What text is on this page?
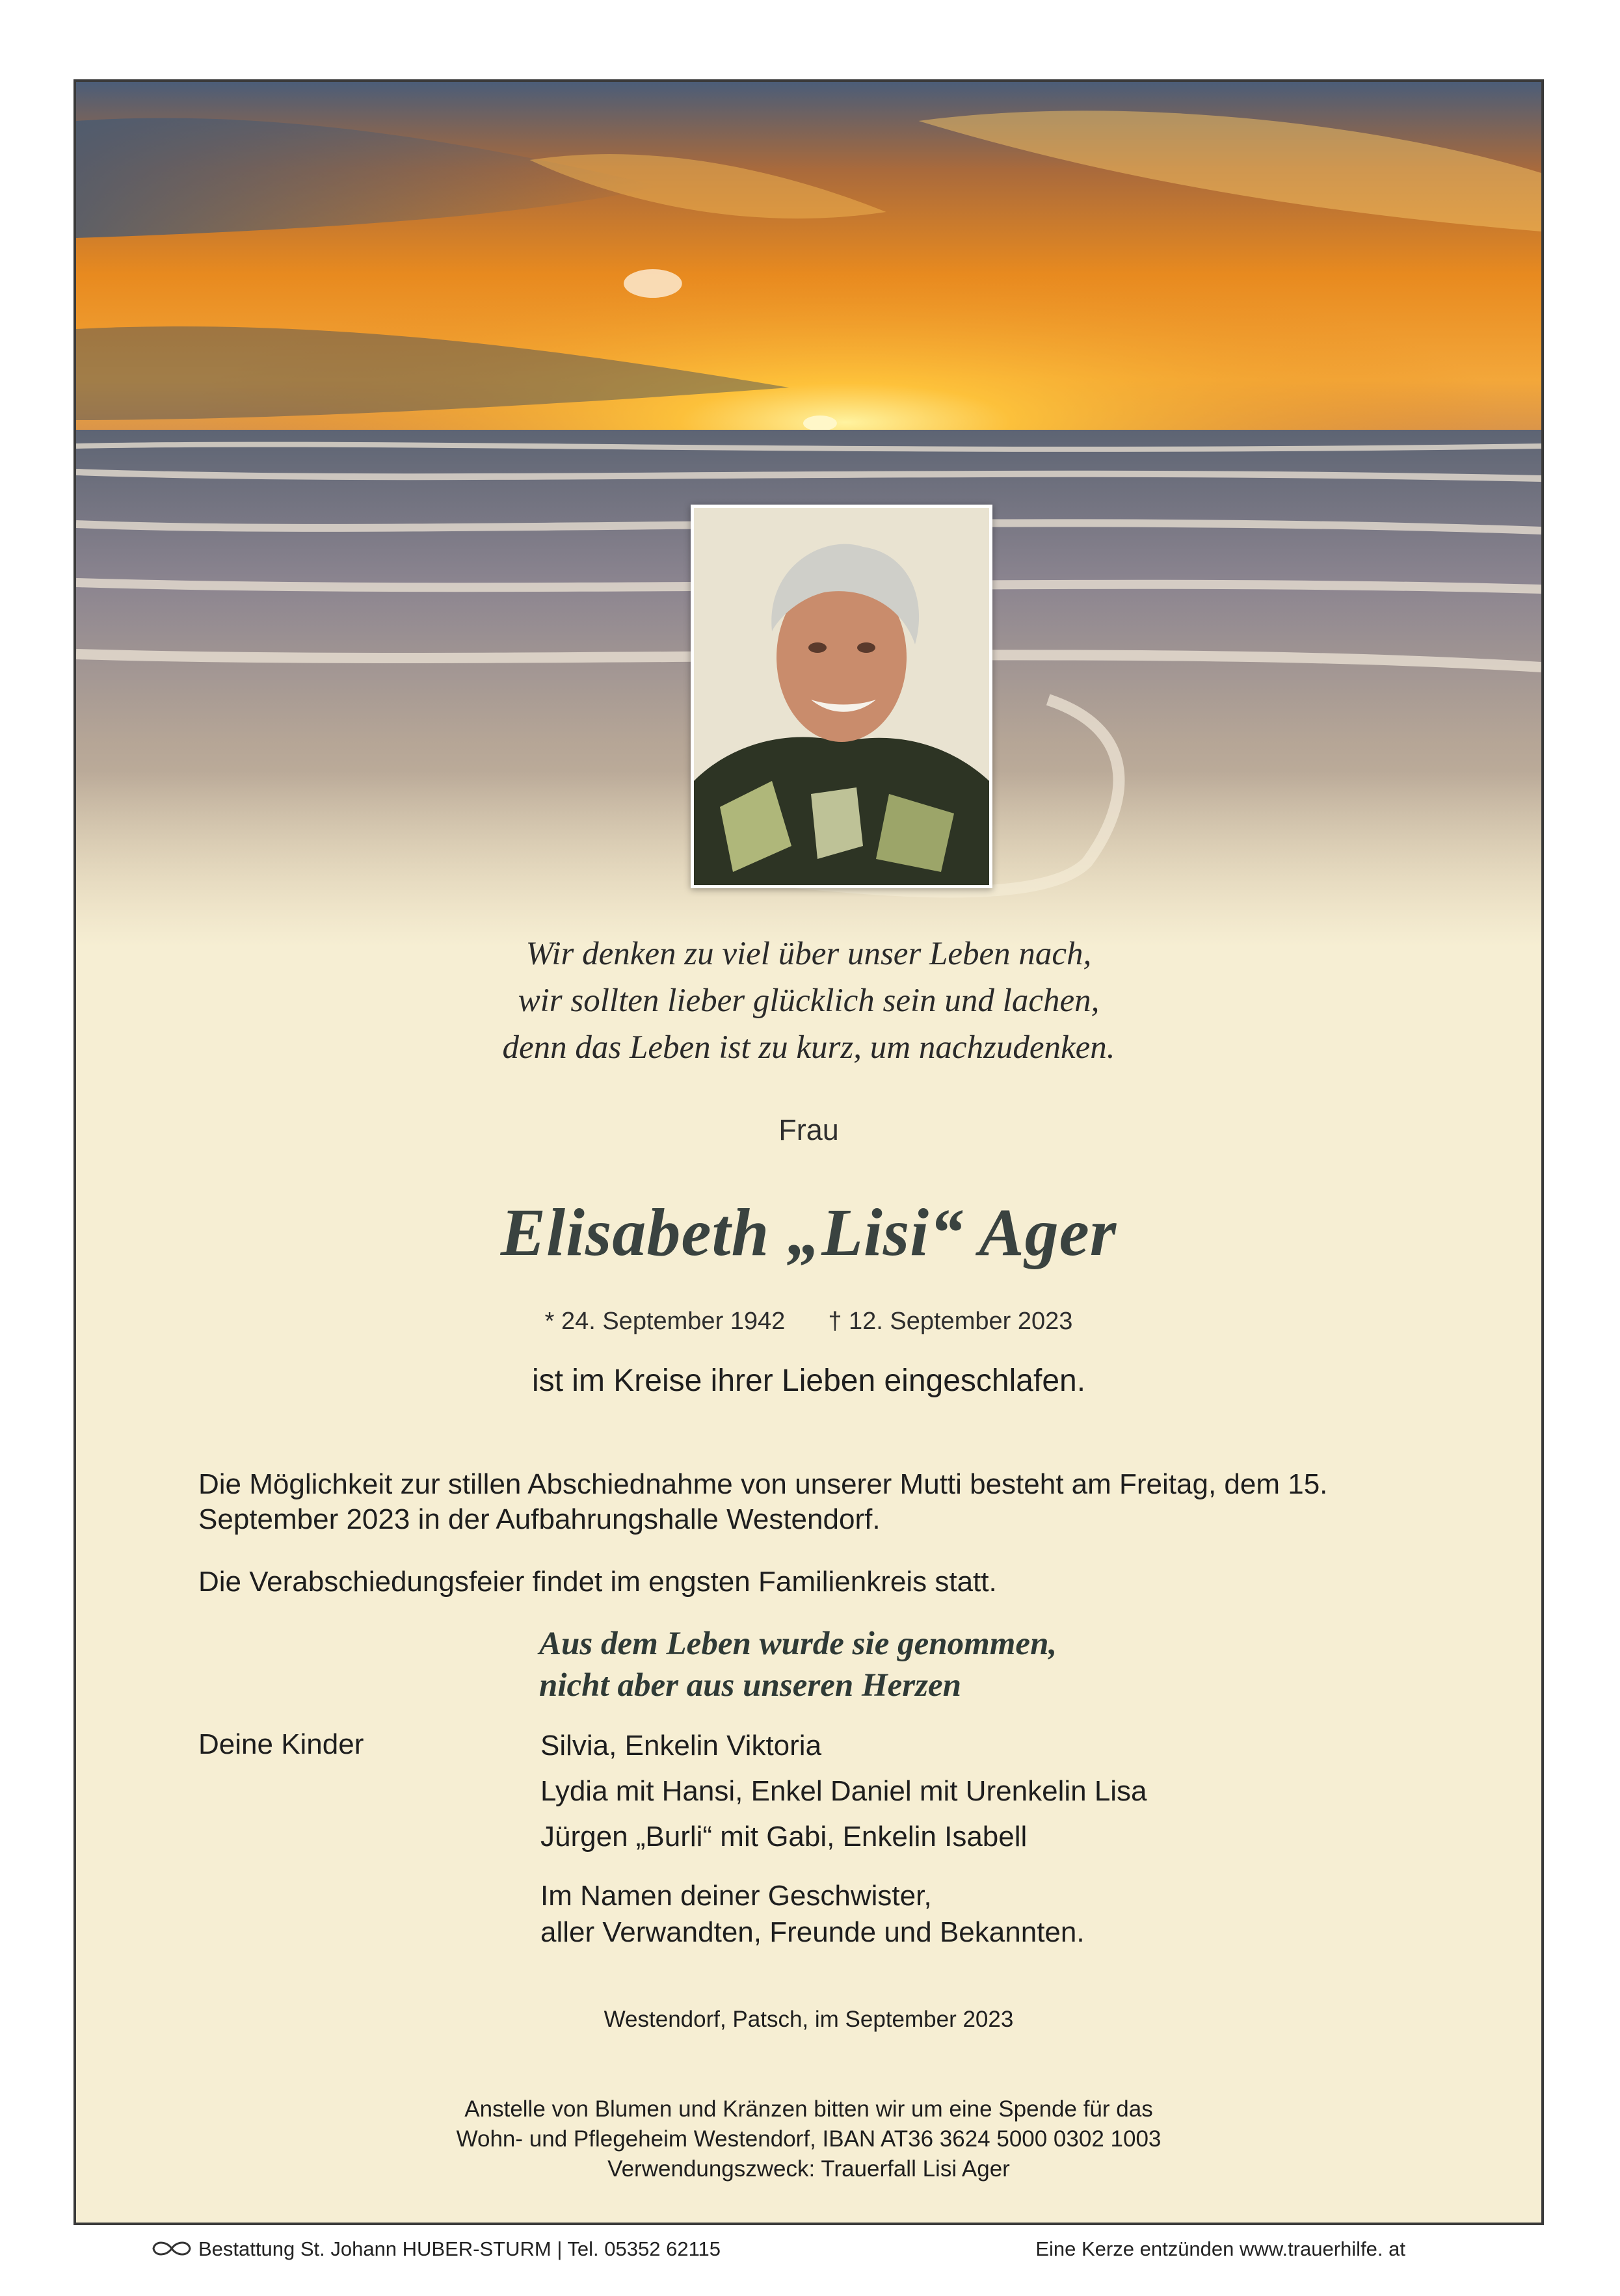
Wir denken zu viel über unser Leben nach,
wir sollten lieber glücklich sein und lachen,
denn das Leben ist zu kurz, um nachzudenken.
Frau
Elisabeth „Lisi“ Ager
* 24. September 1942 † 12. September 2023
ist im Kreise ihrer Lieben eingeschlafen.
Die Möglichkeit zur stillen Abschiednahme von unserer Mutti besteht am Freitag, dem 15. September 2023 in der Aufbahrungshalle Westendorf.
Die Verabschiedungsfeier findet im engsten Familienkreis statt.
Aus dem Leben wurde sie genommen,
nicht aber aus unseren Herzen
Deine Kinder	Silvia, Enkelin Viktoria
Lydia mit Hansi, Enkel Daniel mit Urenkelin Lisa
Jürgen „Burli“ mit Gabi, Enkelin Isabell
Im Namen deiner Geschwister,
aller Verwandten, Freunde und Bekannten.
Westendorf, Patsch, im September 2023
Anstelle von Blumen und Kränzen bitten wir um eine Spende für das
Wohn- und Pflegeheim Westendorf, IBAN AT36 3624 5000 0302 1003
Verwendungszweck: Trauerfall Lisi Ager
Bestattung St. Johann HUBER-STURM | Tel. 05352 62115	Eine Kerze entzünden www.trauerhilfe. at
